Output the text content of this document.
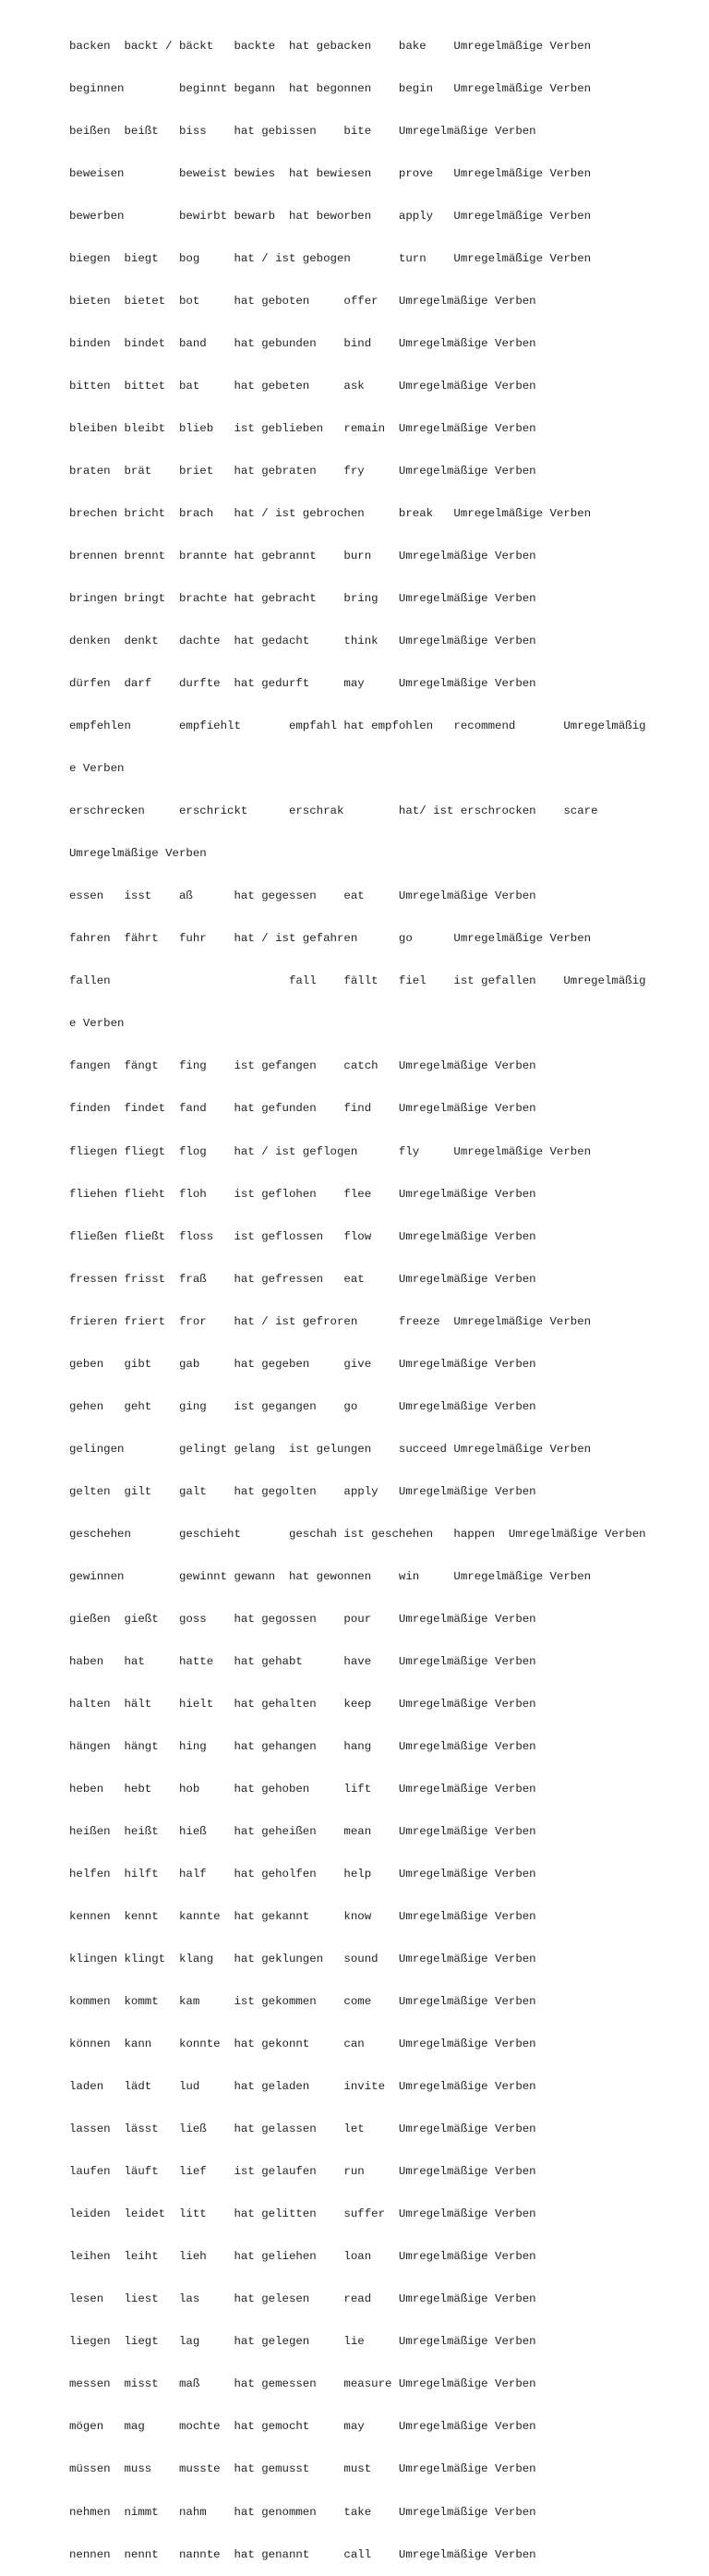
backen  backt / bäckt   backte  hat gebacken    bake    Umregelmäßige Verben

beginnen        beginnt begann  hat begonnen    begin   Umregelmäßige Verben

beißen  beißt   biss    hat gebissen    bite    Umregelmäßige Verben

beweisen        beweist bewies  hat bewiesen    prove   Umregelmäßige Verben

bewerben        bewirbt bewarb  hat beworben    apply   Umregelmäßige Verben

biegen  biegt   bog     hat / ist gebogen       turn    Umregelmäßige Verben

bieten  bietet  bot     hat geboten     offer   Umregelmäßige Verben

binden  bindet  band    hat gebunden    bind    Umregelmäßige Verben

bitten  bittet  bat     hat gebeten     ask     Umregelmäßige Verben

bleiben bleibt  blieb   ist geblieben   remain  Umregelmäßige Verben

braten  brät    briet   hat gebraten    fry     Umregelmäßige Verben

brechen bricht  brach   hat / ist gebrochen     break   Umregelmäßige Verben

brennen brennt  brannte hat gebrannt    burn    Umregelmäßige Verben

bringen bringt  brachte hat gebracht    bring   Umregelmäßige Verben

denken  denkt   dachte  hat gedacht     think   Umregelmäßige Verben

dürfen  darf    durfte  hat gedurft     may     Umregelmäßige Verben

empfehlen       empfiehlt       empfahl hat empfohlen   recommend       Umregelmäßig

e Verben

erschrecken     erschrickt      erschrak        hat/ ist erschrocken    scare

Umregelmäßige Verben

essen   isst    aß      hat gegessen    eat     Umregelmäßige Verben

fahren  fährt   fuhr    hat / ist gefahren      go      Umregelmäßige Verben

fallen                          fall    fällt   fiel    ist gefallen    Umregelmäßig

e Verben

fangen  fängt   fing    ist gefangen    catch   Umregelmäßige Verben

finden  findet  fand    hat gefunden    find    Umregelmäßige Verben

fliegen fliegt  flog    hat / ist geflogen      fly     Umregelmäßige Verben

fliehen flieht  floh    ist geflohen    flee    Umregelmäßige Verben

fließen fließt  floss   ist geflossen   flow    Umregelmäßige Verben

fressen frisst  fraß    hat gefressen   eat     Umregelmäßige Verben

frieren friert  fror    hat / ist gefroren      freeze  Umregelmäßige Verben

geben   gibt    gab     hat gegeben     give    Umregelmäßige Verben

gehen   geht    ging    ist gegangen    go      Umregelmäßige Verben

gelingen        gelingt gelang  ist gelungen    succeed Umregelmäßige Verben

gelten  gilt    galt    hat gegolten    apply   Umregelmäßige Verben

geschehen       geschieht       geschah ist geschehen   happen  Umregelmäßige Verben

gewinnen        gewinnt gewann  hat gewonnen    win     Umregelmäßige Verben

gießen  gießt   goss    hat gegossen    pour    Umregelmäßige Verben

haben   hat     hatte   hat gehabt      have    Umregelmäßige Verben

halten  hält    hielt   hat gehalten    keep    Umregelmäßige Verben

hängen  hängt   hing    hat gehangen    hang    Umregelmäßige Verben

heben   hebt    hob     hat gehoben     lift    Umregelmäßige Verben

heißen  heißt   hieß    hat geheißen    mean    Umregelmäßige Verben

helfen  hilft   half    hat geholfen    help    Umregelmäßige Verben

kennen  kennt   kannte  hat gekannt     know    Umregelmäßige Verben

klingen klingt  klang   hat geklungen   sound   Umregelmäßige Verben

kommen  kommt   kam     ist gekommen    come    Umregelmäßige Verben

können  kann    konnte  hat gekonnt     can     Umregelmäßige Verben

laden   lädt    lud     hat geladen     invite  Umregelmäßige Verben

lassen  lässt   ließ    hat gelassen    let     Umregelmäßige Verben

laufen  läuft   lief    ist gelaufen    run     Umregelmäßige Verben

leiden  leidet  litt    hat gelitten    suffer  Umregelmäßige Verben

leihen  leiht   lieh    hat geliehen    loan    Umregelmäßige Verben

lesen   liest   las     hat gelesen     read    Umregelmäßige Verben

liegen  liegt   lag     hat gelegen     lie     Umregelmäßige Verben

messen  misst   maß     hat gemessen    measure Umregelmäßige Verben

mögen   mag     mochte  hat gemocht     may     Umregelmäßige Verben

müssen  muss    musste  hat gemusst     must    Umregelmäßige Verben

nehmen  nimmt   nahm    hat genommen    take    Umregelmäßige Verben

nennen  nennt   nannte  hat genannt     call    Umregelmäßige Verben
